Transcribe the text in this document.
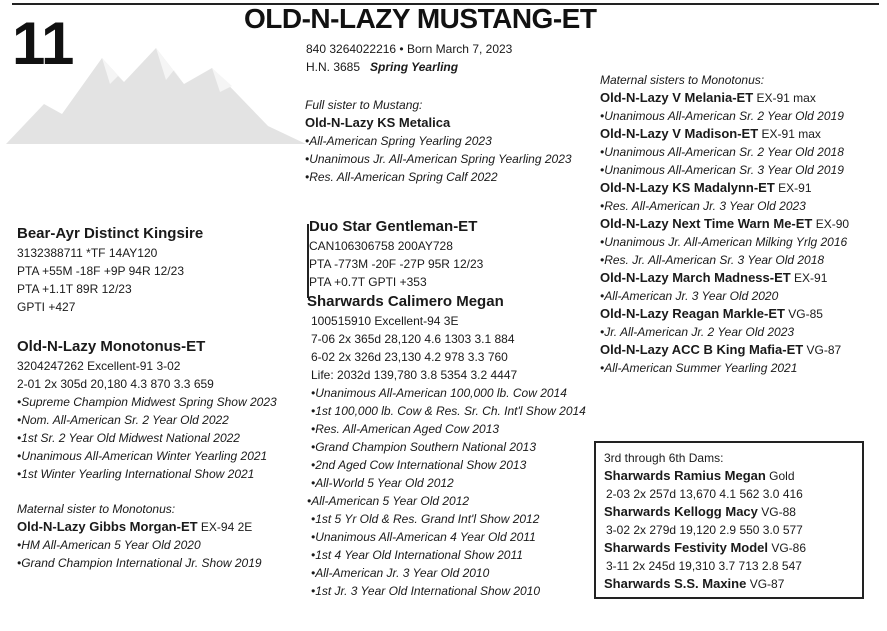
11	OLD-N-LAZY MUSTANG-ET
840 3264022216 • Born March 7, 2023
H.N. 3685 Spring Yearling
Full sister to Mustang:
Old-N-Lazy KS Metalica
•All-American Spring Yearling 2023
•Unanimous Jr. All-American Spring Yearling 2023
•Res. All-American Spring Calf 2022
Bear-Ayr Distinct Kingsire
3132388711 *TF 14AY120
PTA +55M -18F +9P 94R 12/23
PTA +1.1T 89R 12/23
GPTI +427
Old-N-Lazy Monotonus-ET
3204247262 Excellent-91 3-02
2-01 2x 305d 20,180 4.3 870 3.3 659
•Supreme Champion Midwest Spring Show 2023
•Nom. All-American Sr. 2 Year Old 2022
•1st Sr. 2 Year Old Midwest National 2022
•Unanimous All-American Winter Yearling 2021
•1st Winter Yearling International Show 2021
Maternal sister to Monotonus:
Old-N-Lazy Gibbs Morgan-ET EX-94 2E
•HM All-American 5 Year Old 2020
•Grand Champion International Jr. Show 2019
Duo Star Gentleman-ET
CAN106306758 200AY728
PTA -773M -20F -27P 95R 12/23
PTA +0.7T GPTI +353
Sharwards Calimero Megan
100515910 Excellent-94 3E
7-06 2x 365d 28,120 4.6 1303 3.1 884
6-02 2x 326d 23,130 4.2 978 3.3 760
Life: 2032d 139,780 3.8 5354 3.2 4447
•Unanimous All-American 100,000 lb. Cow 2014
•1st 100,000 lb. Cow & Res. Sr. Ch. Int'l Show 2014
•Res. All-American Aged Cow 2013
•Grand Champion Southern National 2013
•2nd Aged Cow International Show 2013
•All-World 5 Year Old 2012
•All-American 5 Year Old 2012
•1st 5 Yr Old & Res. Grand Int'l Show 2012
•Unanimous All-American 4 Year Old 2011
•1st 4 Year Old International Show 2011
•All-American Jr. 3 Year Old 2010
•1st Jr. 3 Year Old International Show 2010
Maternal sisters to Monotonus:
Old-N-Lazy V Melania-ET EX-91 max
•Unanimous All-American Sr. 2 Year Old 2019
Old-N-Lazy V Madison-ET EX-91 max
•Unanimous All-American Sr. 2 Year Old 2018
•Unanimous All-American Sr. 3 Year Old 2019
Old-N-Lazy KS Madalynn-ET EX-91
•Res. All-American Jr. 3 Year Old 2023
Old-N-Lazy Next Time Warn Me-ET EX-90
•Unanimous Jr. All-American Milking Yrlg 2016
•Res. Jr. All-American Sr. 3 Year Old 2018
Old-N-Lazy March Madness-ET EX-91
•All-American Jr. 3 Year Old 2020
Old-N-Lazy Reagan Markle-ET VG-85
•Jr. All-American Jr. 2 Year Old 2023
Old-N-Lazy ACC B King Mafia-ET VG-87
•All-American Summer Yearling 2021
3rd through 6th Dams:
Sharwards Ramius Megan Gold
2-03 2x 257d 13,670 4.1 562 3.0 416
Sharwards Kellogg Macy VG-88
3-02 2x 279d 19,120 2.9 550 3.0 577
Sharwards Festivity Model VG-86
3-11 2x 245d 19,310 3.7 713 2.8 547
Sharwards S.S. Maxine VG-87
